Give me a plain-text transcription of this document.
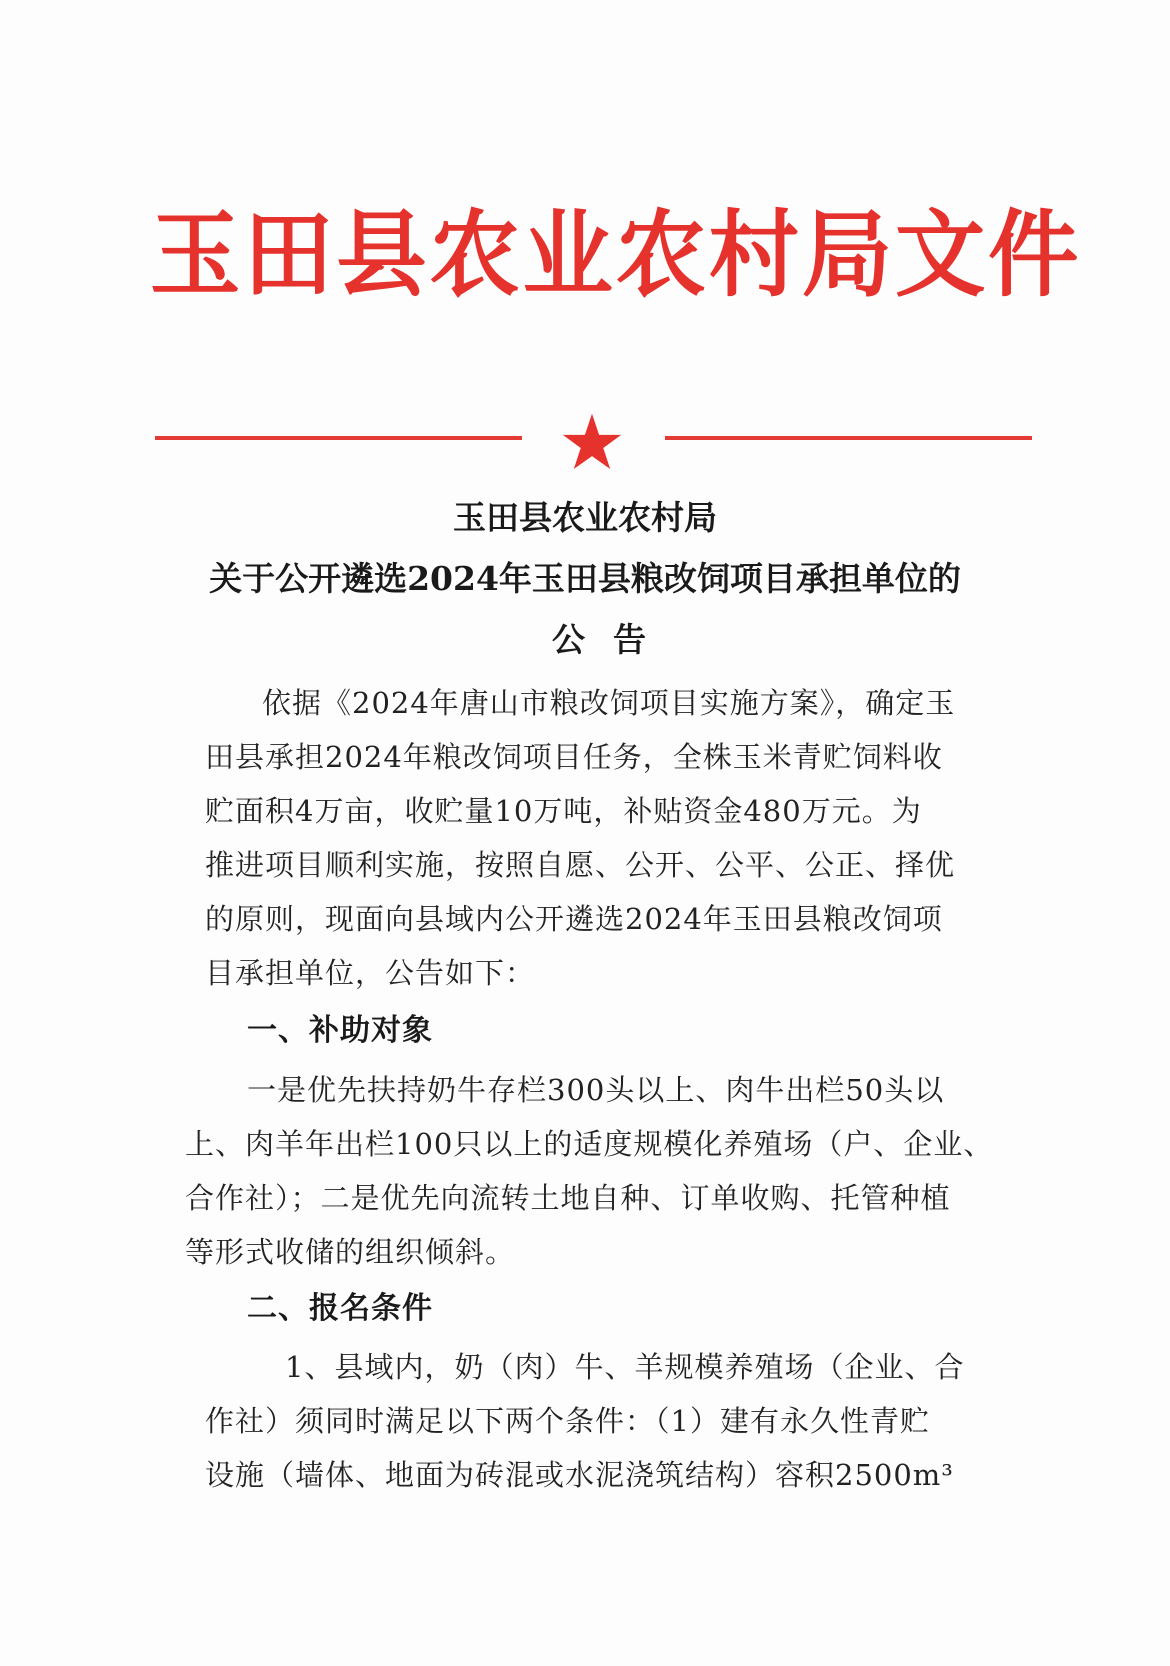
玉田县农业农村局文件
玉田县农业农村局
关于公开遴选2024年玉田县粮改饲项目承担单位的
公告
依据《2024年唐山市粮改饲项目实施方案》，确定玉
田县承担2024年粮改饲项目任务，全株玉米青贮饲料收
贮面积4万亩，收贮量10万吨，补贴资金480万元。为
推进项目顺利实施，按照自愿、公开、公平、公正、择优
的原则，现面向县域内公开遴选2024年玉田县粮改饲项
目承担单位，公告如下：
一、补助对象
一是优先扶持奶牛存栏300头以上、肉牛出栏50头以
上、肉羊年出栏100只以上的适度规模化养殖场（户、企业、
合作社）；二是优先向流转土地自种、订单收购、托管种植
等形式收储的组织倾斜。
二、报名条件
1、县域内，奶（肉）牛、羊规模养殖场（企业、合
作社）须同时满足以下两个条件：（1）建有永久性青贮
设施（墙体、地面为砖混或水泥浇筑结构）容积2500m³
